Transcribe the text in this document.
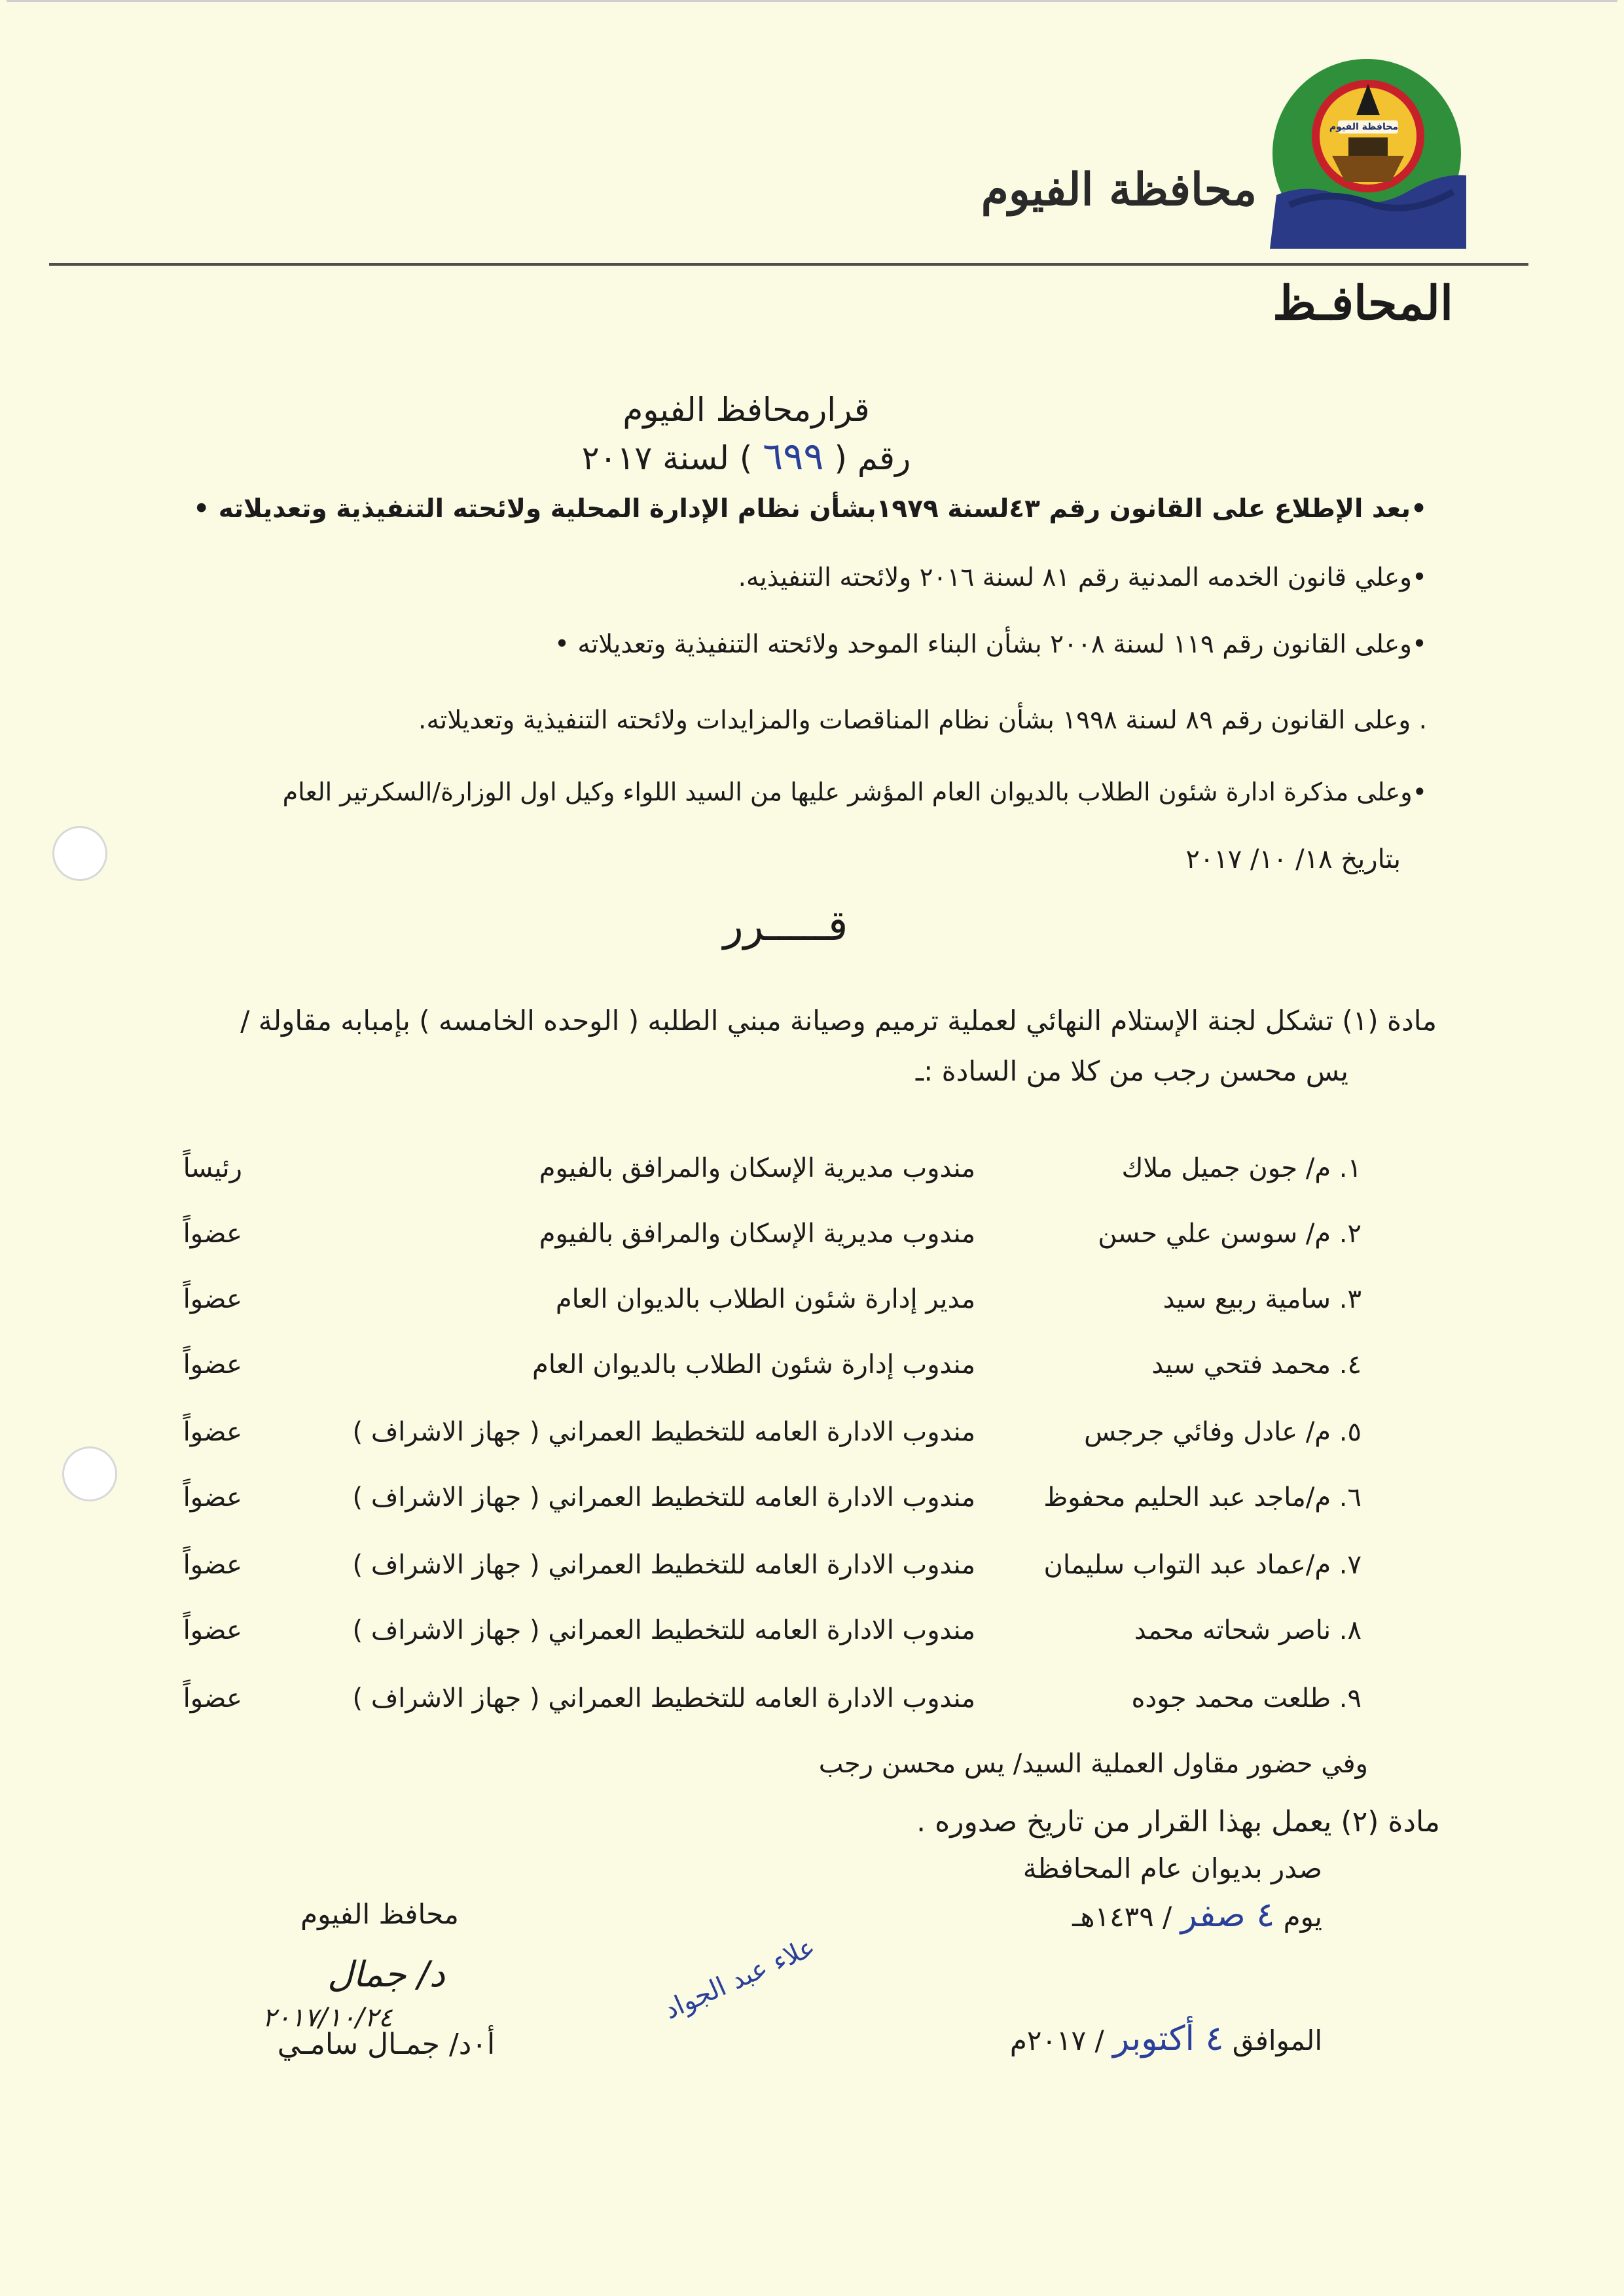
محافظة الفيوم
محافظة الفيوم
المحافـظ
قرارمحافظ الفيوم
رقم ( ٦٩٩ ) لسنة ٢٠١٧
•بعد الإطلاع على القانون رقم ٤٣لسنة ١٩٧٩بشأن نظام الإدارة المحلية ولائحته التنفيذية وتعديلاته •
•وعلي قانون الخدمه المدنية رقم ٨١ لسنة ٢٠١٦ ولائحته التنفيذيه.
•وعلى القانون رقم ١١٩ لسنة ٢٠٠٨ بشأن البناء الموحد ولائحته التنفيذية وتعديلاته •
. وعلى القانون رقم ٨٩ لسنة ١٩٩٨ بشأن نظام المناقصات والمزايدات ولائحته التنفيذية وتعديلاته.
•وعلى مذكرة ادارة شئون الطلاب بالديوان العام المؤشر عليها من السيد اللواء وكيل اول الوزارة/السكرتير العام
بتاريخ ١٨/ ١٠/ ٢٠١٧
قـــــرر
مادة (١) تشكل لجنة الإستلام النهائي لعملية ترميم وصيانة مبني الطلبه ( الوحده الخامسه ) بإمبابه مقاولة /
يس محسن رجب من كلا من السادة :ـ
١. م/ جون جميل ملاك
مندوب مديرية الإسكان والمرافق بالفيوم
رئيساً
٢. م/ سوسن علي حسن
مندوب مديرية الإسكان والمرافق بالفيوم
عضواً
٣. سامية ربيع سيد
مدير إدارة شئون الطلاب بالديوان العام
عضواً
٤. محمد فتحي سيد
مندوب إدارة شئون الطلاب بالديوان العام
عضواً
٥. م/ عادل وفائي جرجس
مندوب الادارة العامه للتخطيط العمراني ( جهاز الاشراف )
عضواً
٦. م/ماجد عبد الحليم محفوظ
مندوب الادارة العامه للتخطيط العمراني ( جهاز الاشراف )
عضواً
٧. م/عماد عبد التواب سليمان
مندوب الادارة العامه للتخطيط العمراني ( جهاز الاشراف )
عضواً
٨. ناصر شحاته محمد
مندوب الادارة العامه للتخطيط العمراني ( جهاز الاشراف )
عضواً
٩. طلعت محمد جوده
مندوب الادارة العامه للتخطيط العمراني ( جهاز الاشراف )
عضواً
وفي حضور مقاول العملية السيد/ يس محسن رجب
مادة (٢) يعمل بهذا القرار من تاريخ صدوره .
صدر بديوان عام المحافظة
يوم ٤ صفر / ١٤٣٩هـ
الموافق ٤ أكتوبر / ٢٠١٧م
علاء عبد الجواد
محافظ الفيوم
د/ جمال
٢٠١٧/١٠/٢٤
أ٠د/ جمـال سامـي
